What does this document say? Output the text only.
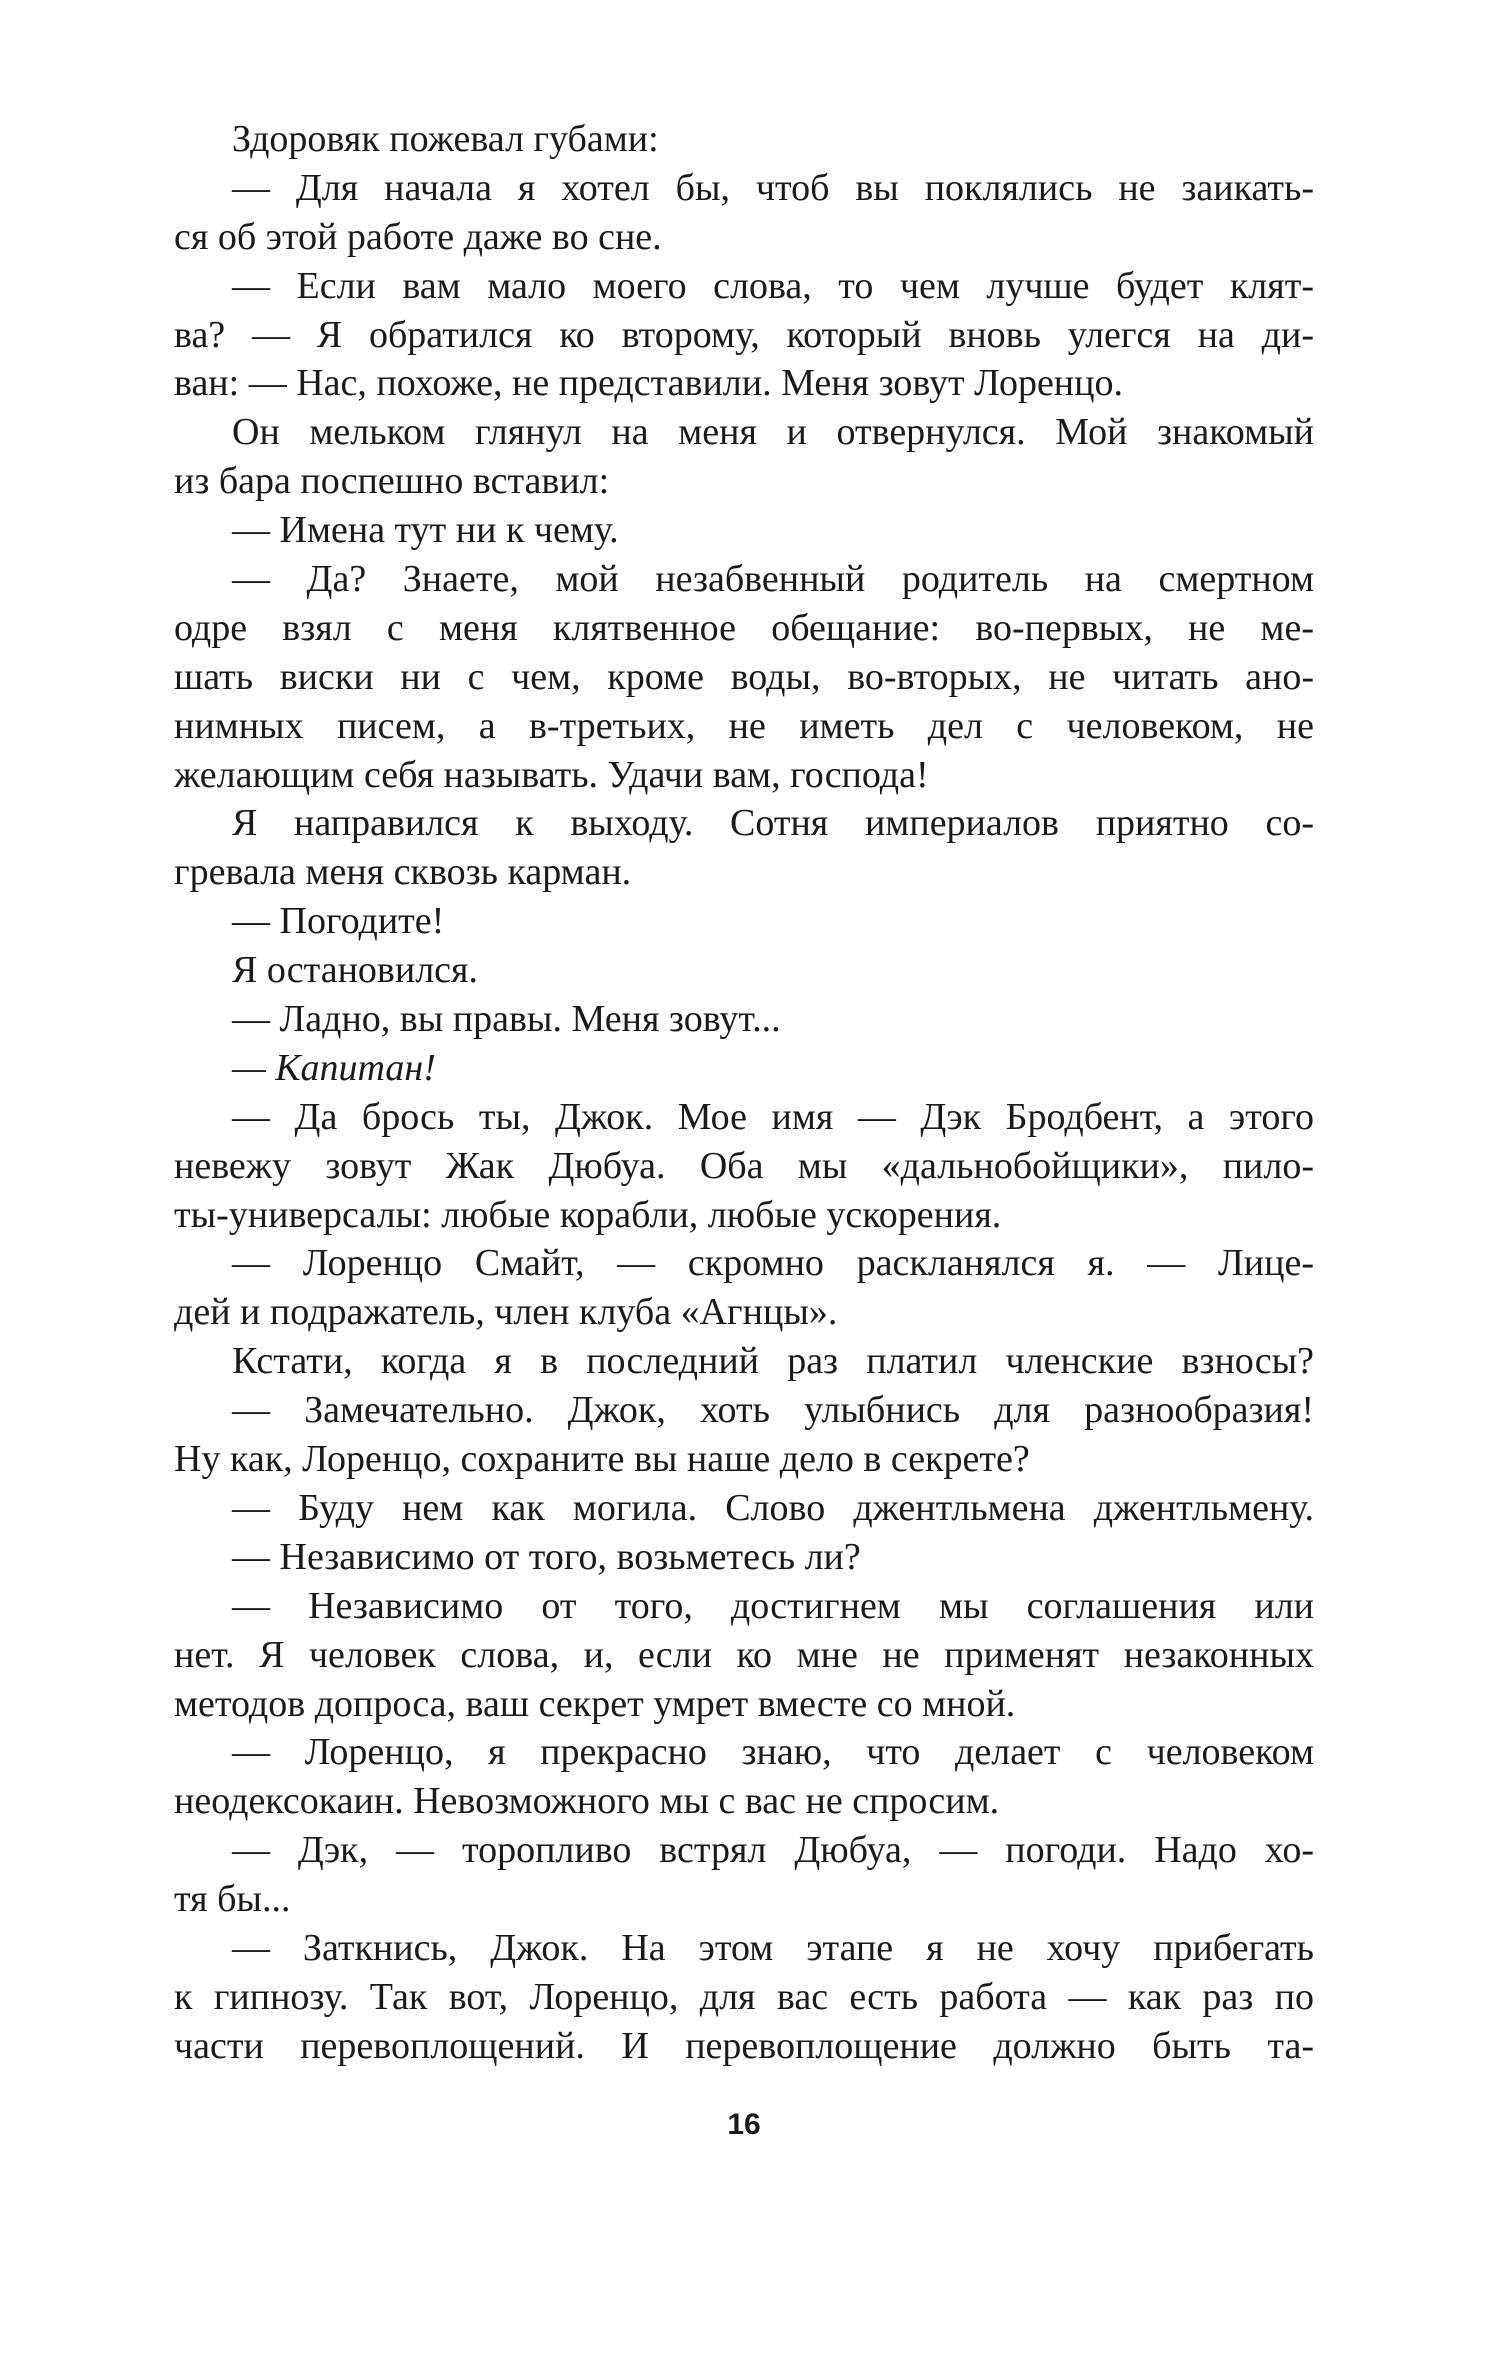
Здоровяк пожевал губами:
— Для начала я хотел бы, чтоб вы поклялись не заикать-
ся об этой работе даже во сне.
— Если вам мало моего слова, то чем лучше будет клят-
ва? — Я обратился ко второму, который вновь улегся на ди-
ван: — Нас, похоже, не представили. Меня зовут Лоренцо.
Он мельком глянул на меня и отвернулся. Мой знакомый
из бара поспешно вставил:
— Имена тут ни к чему.
— Да? Знаете, мой незабвенный родитель на смертном
одре взял с меня клятвенное обещание: во-первых, не ме-
шать виски ни с чем, кроме воды, во-вторых, не читать ано-
нимных писем, а в-третьих, не иметь дел с человеком, не
желающим себя называть. Удачи вам, господа!
Я направился к выходу. Сотня империалов приятно со-
гревала меня сквозь карман.
— Погодите!
Я остановился.
— Ладно, вы правы. Меня зовут...
— Капитан!
— Да брось ты, Джок. Мое имя — Дэк Бродбент, а этого
невежу зовут Жак Дюбуа. Оба мы «дальнобойщики», пило-
ты-универсалы: любые корабли, любые ускорения.
— Лоренцо Смайт, — скромно раскланялся я. — Лице-
дей и подражатель, член клуба «Агнцы».
Кстати, когда я в последний раз платил членские взносы?
— Замечательно. Джок, хоть улыбнись для разнообразия!
Ну как, Лоренцо, сохраните вы наше дело в секрете?
— Буду нем как могила. Слово джентльмена джентльмену.
— Независимо от того, возьметесь ли?
— Независимо от того, достигнем мы соглашения или
нет. Я человек слова, и, если ко мне не применят незаконных
методов допроса, ваш секрет умрет вместе со мной.
— Лоренцо, я прекрасно знаю, что делает с человеком
неодексокаин. Невозможного мы с вас не спросим.
— Дэк, — торопливо встрял Дюбуа, — погоди. Надо хо-
тя бы...
— Заткнись, Джок. На этом этапе я не хочу прибегать
к гипнозу. Так вот, Лоренцо, для вас есть работа — как раз по
части перевоплощений. И перевоплощение должно быть та-
16
